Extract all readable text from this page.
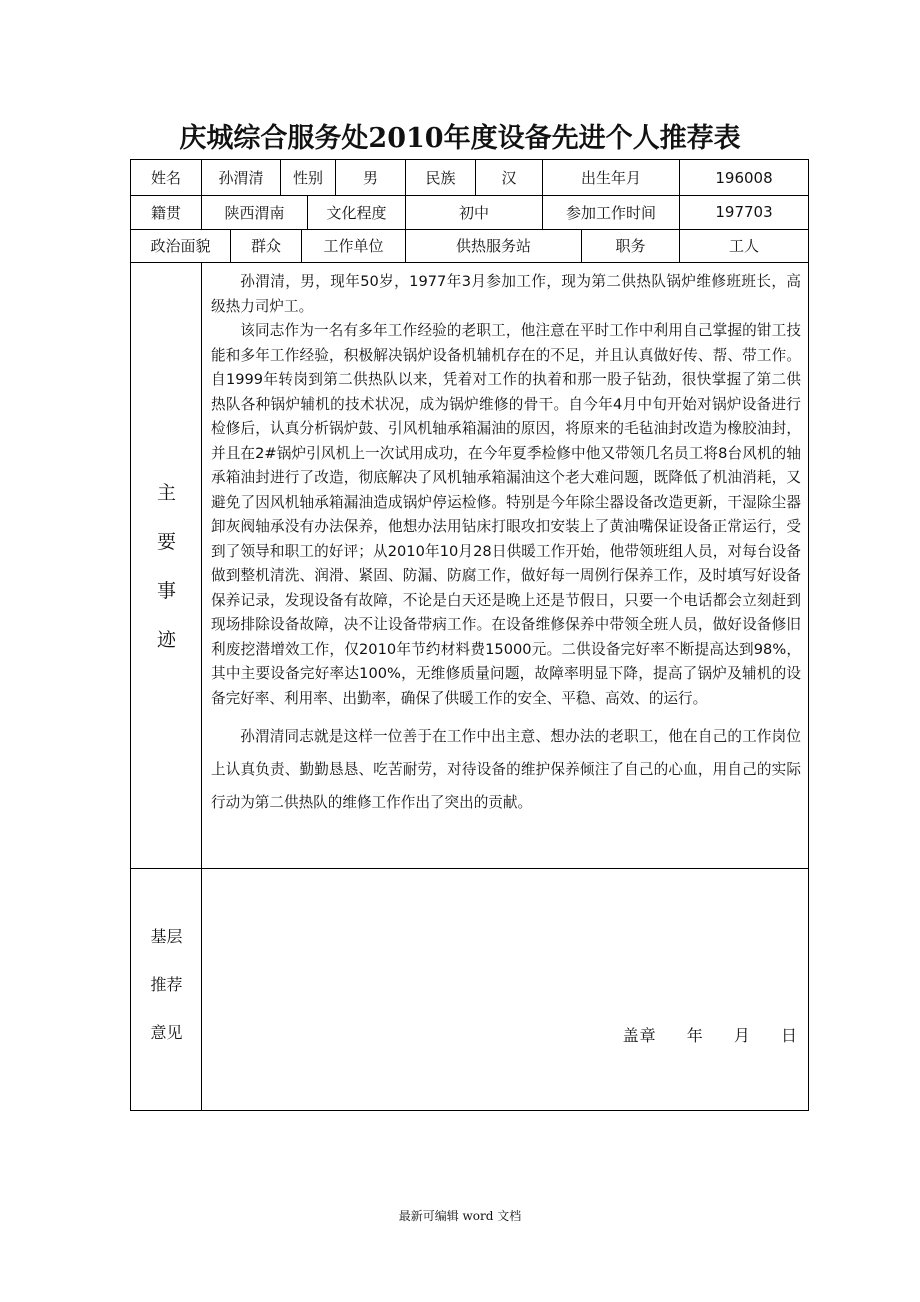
庆城综合服务处2010年度设备先进个人推荐表
姓名	孙渭清	性别	男	民族	汉	出生年月	196008
籍贯	陕西渭南	文化程度	初中	参加工作时间	197703
政治面貌	群众	工作单位	供热服务站	职务	工人
主
要
事
迹

孙渭清，男，现年50岁，1977年3月参加工作，现为第二供热队锅炉维修班班长，高级热力司炉工。

该同志作为一名有多年工作经验的老职工，他注意在平时工作中利用自己掌握的钳工技能和多年工作经验，积极解决锅炉设备机辅机存在的不足，并且认真做好传、帮、带工作。自1999年转岗到第二供热队以来，凭着对工作的执着和那一股子钻劲，很快掌握了第二供热队各种锅炉辅机的技术状况，成为锅炉维修的骨干。自今年4月中旬开始对锅炉设备进行检修后，认真分析锅炉鼓、引风机轴承箱漏油的原因，将原来的毛毡油封改造为橡胶油封，并且在2#锅炉引风机上一次试用成功，在今年夏季检修中他又带领几名员工将8台风机的轴承箱油封进行了改造，彻底解决了风机轴承箱漏油这个老大难问题，既降低了机油消耗，又避免了因风机轴承箱漏油造成锅炉停运检修。特别是今年除尘器设备改造更新，干湿除尘器卸灰阀轴承没有办法保养，他想办法用钻床打眼攻扣安装上了黄油嘴保证设备正常运行，受到了领导和职工的好评；从2010年10月28日供暖工作开始，他带领班组人员，对每台设备做到整机清洗、润滑、紧固、防漏、防腐工作，做好每一周例行保养工作，及时填写好设备保养记录，发现设备有故障，不论是白天还是晚上还是节假日，只要一个电话都会立刻赶到现场排除设备故障，决不让设备带病工作。在设备维修保养中带领全班人员，做好设备修旧利废挖潜增效工作，仅2010年节约材料费15000元。二供设备完好率不断提高达到98%，其中主要设备完好率达100%，无维修质量问题，故障率明显下降，提高了锅炉及辅机的设备完好率、利用率、出勤率，确保了供暖工作的安全、平稳、高效、的运行。

孙渭清同志就是这样一位善于在工作中出主意、想办法的老职工，他在自己的工作岗位上认真负责、勤勤恳恳、吃苦耐劳，对待设备的维护保养倾注了自己的心血，用自己的实际行动为第二供热队的维修工作作出了突出的贡献。

基层
推荐
意见	盖章 年 月 日
最新可编辑 word 文档
